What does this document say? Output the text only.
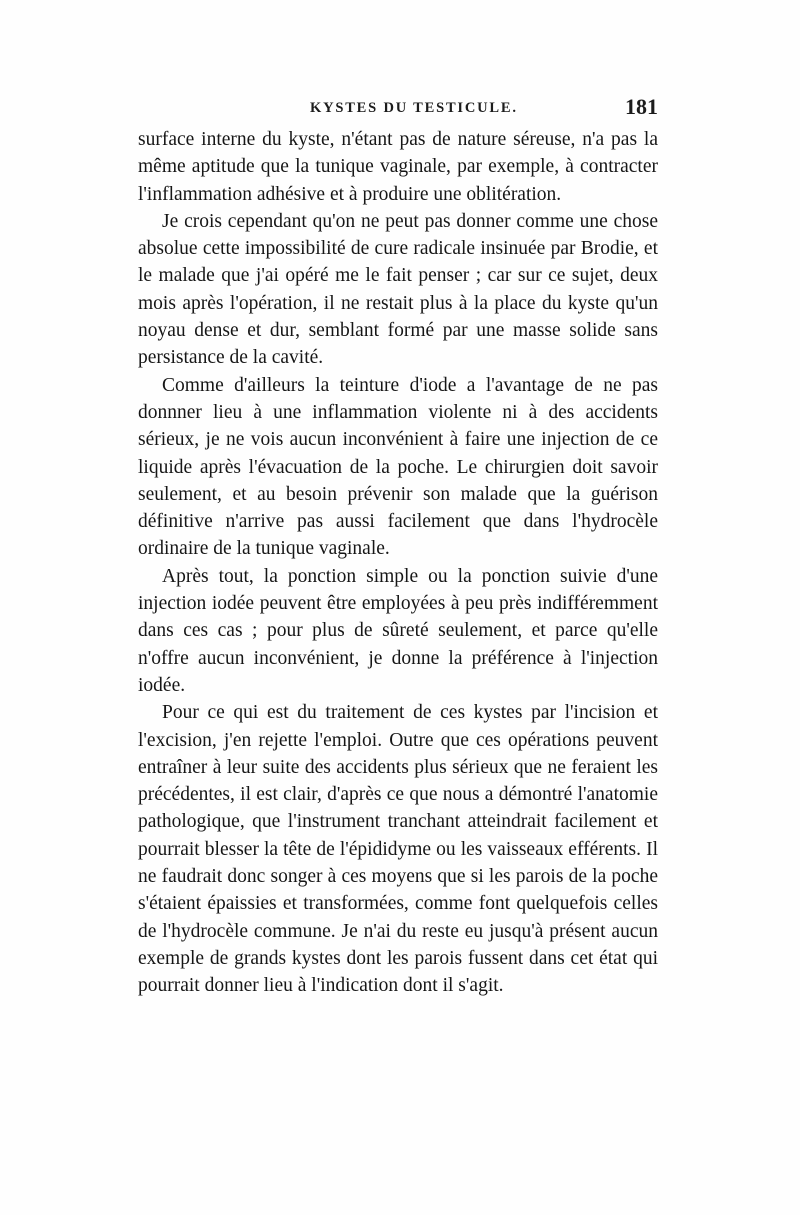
KYSTES DU TESTICULE.	181

surface interne du kyste, n'étant pas de nature séreuse, n'a pas la même aptitude que la tunique vaginale, par exemple, à contracter l'inflammation adhésive et à produire une oblitération.

Je crois cependant qu'on ne peut pas donner comme une chose absolue cette impossibilité de cure radicale insinuée par Brodie, et le malade que j'ai opéré me le fait penser ; car sur ce sujet, deux mois après l'opération, il ne restait plus à la place du kyste qu'un noyau dense et dur, semblant formé par une masse solide sans persistance de la cavité.

Comme d'ailleurs la teinture d'iode a l'avantage de ne pas donnner lieu à une inflammation violente ni à des accidents sérieux, je ne vois aucun inconvénient à faire une injection de ce liquide après l'évacuation de la poche. Le chirurgien doit savoir seulement, et au besoin prévenir son malade que la guérison définitive n'arrive pas aussi facilement que dans l'hydrocèle ordinaire de la tunique vaginale.

Après tout, la ponction simple ou la ponction suivie d'une injection iodée peuvent être employées à peu près indifféremment dans ces cas ; pour plus de sûreté seulement, et parce qu'elle n'offre aucun inconvénient, je donne la préférence à l'injection iodée.

Pour ce qui est du traitement de ces kystes par l'incision et l'excision, j'en rejette l'emploi. Outre que ces opérations peuvent entraîner à leur suite des accidents plus sérieux que ne feraient les précédentes, il est clair, d'après ce que nous a démontré l'anatomie pathologique, que l'instrument tranchant atteindrait facilement et pourrait blesser la tête de l'épididyme ou les vaisseaux efférents. Il ne faudrait donc songer à ces moyens que si les parois de la poche s'étaient épaissies et transformées, comme font quelquefois celles de l'hydrocèle commune. Je n'ai du reste eu jusqu'à présent aucun exemple de grands kystes dont les parois fussent dans cet état qui pourrait donner lieu à l'indication dont il s'agit.
